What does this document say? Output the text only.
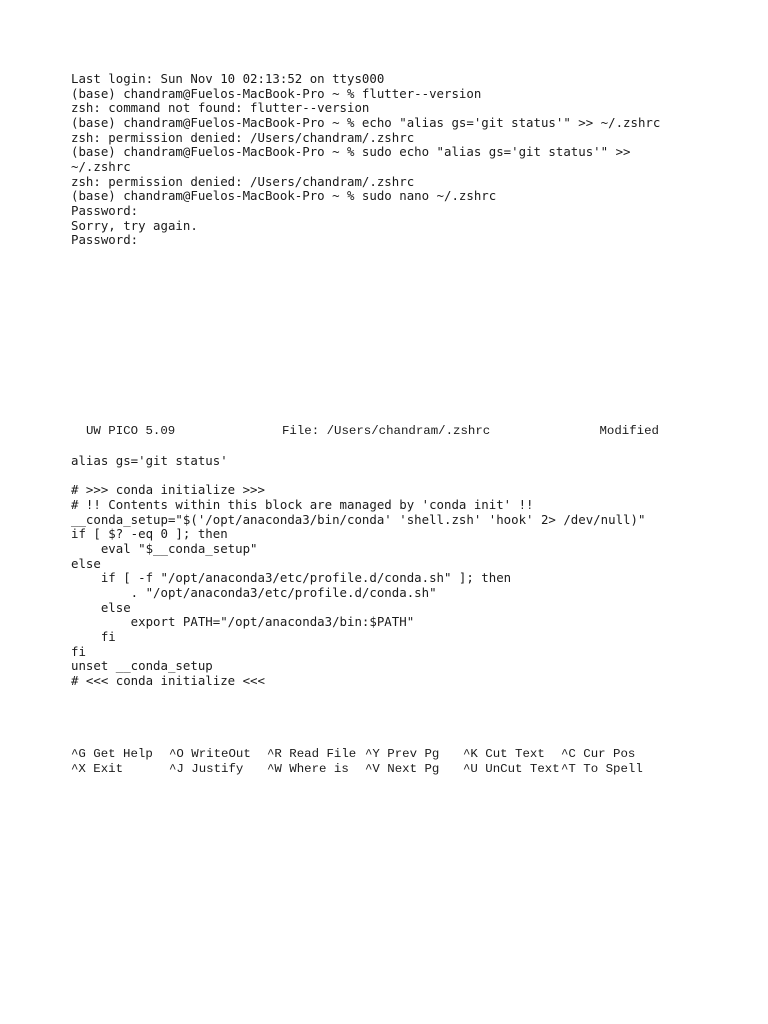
Last login: Sun Nov 10 02:13:52 on ttys000
(base) chandram@Fuelos-MacBook-Pro ~ % flutter--version
zsh: command not found: flutter--version
(base) chandram@Fuelos-MacBook-Pro ~ % echo "alias gs='git status'" >> ~/.zshrc
zsh: permission denied: /Users/chandram/.zshrc
(base) chandram@Fuelos-MacBook-Pro ~ % sudo echo "alias gs='git status'" >>
~/.zshrc
zsh: permission denied: /Users/chandram/.zshrc
(base) chandram@Fuelos-MacBook-Pro ~ % sudo nano ~/.zshrc
Password:
Sorry, try again.
Password:

UW PICO 5.09

	File: /Users/chandram/.zshrc

	Modified

alias gs='git status'
# >>> conda initialize >>>
# !! Contents within this block are managed by 'conda init' !!
__conda_setup="$('/opt/anaconda3/bin/conda' 'shell.zsh' 'hook' 2> /dev/null)"
if [ $? -eq 0 ]; then
eval "$__conda_setup"
else
if [ -f "/opt/anaconda3/etc/profile.d/conda.sh" ]; then
. "/opt/anaconda3/etc/profile.d/conda.sh"
else
export PATH="/opt/anaconda3/bin:$PATH"
fi
fi
unset __conda_setup
# <<< conda initialize <<<
^G Get Help ^O WriteOut ^R Read File ^Y Prev Pg ^K Cut Text ^C Cur Pos
^X Exit	^J Justify ^W Where is ^V Next Pg ^U UnCut Text ^T To Spell
